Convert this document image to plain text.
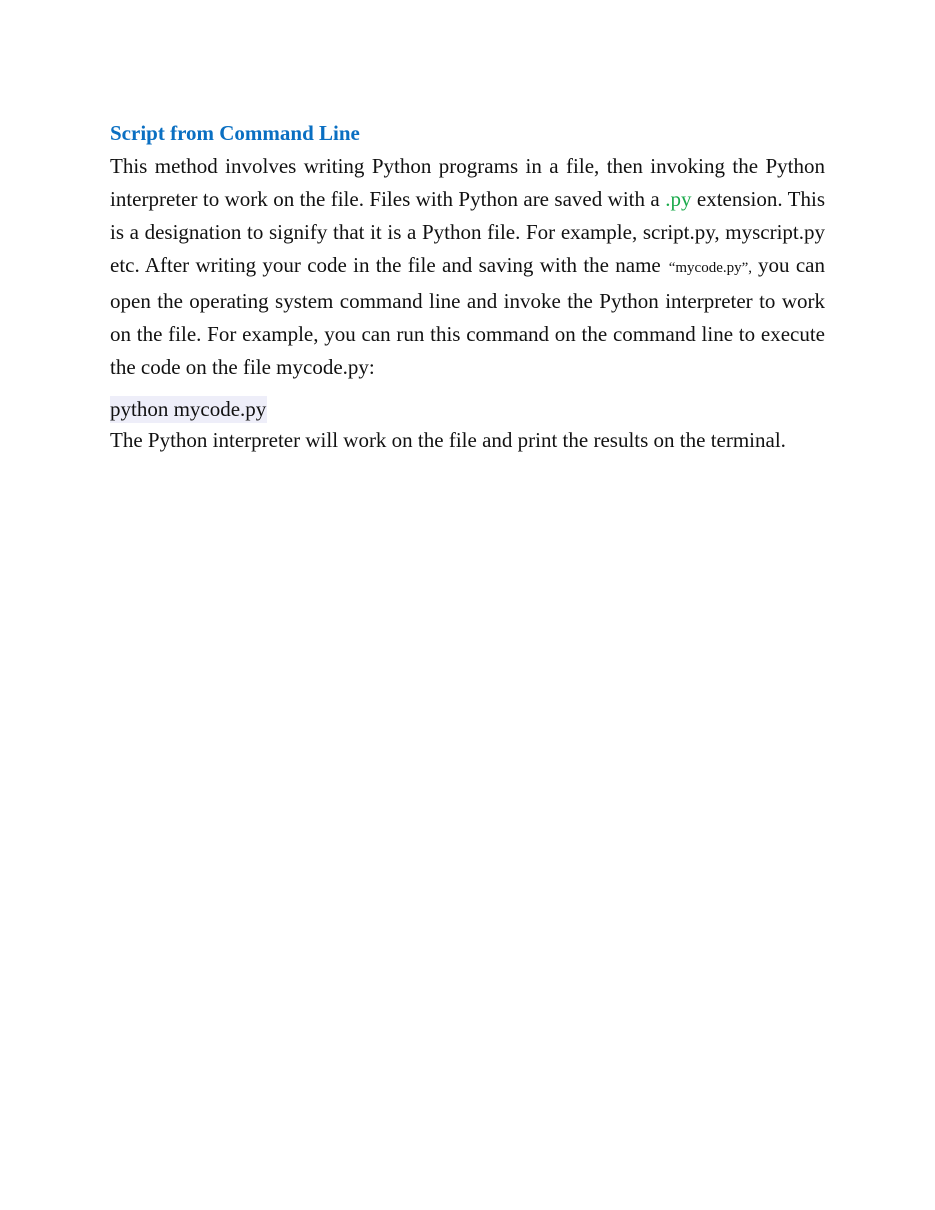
Script from Command Line

This method involves writing Python programs in a file, then invoking the Python interpreter to work on the file. Files with Python are saved with a .py extension. This is a designation to signify that it is a Python file. For example, script.py, myscript.py etc. After writing your code in the file and saving with the name “mycode.py”, you can open the operating system command line and invoke the Python interpreter to work on the file. For example, you can run this command on the command line to execute the code on the file mycode.py:

python mycode.py

The Python interpreter will work on the file and print the results on the terminal.
